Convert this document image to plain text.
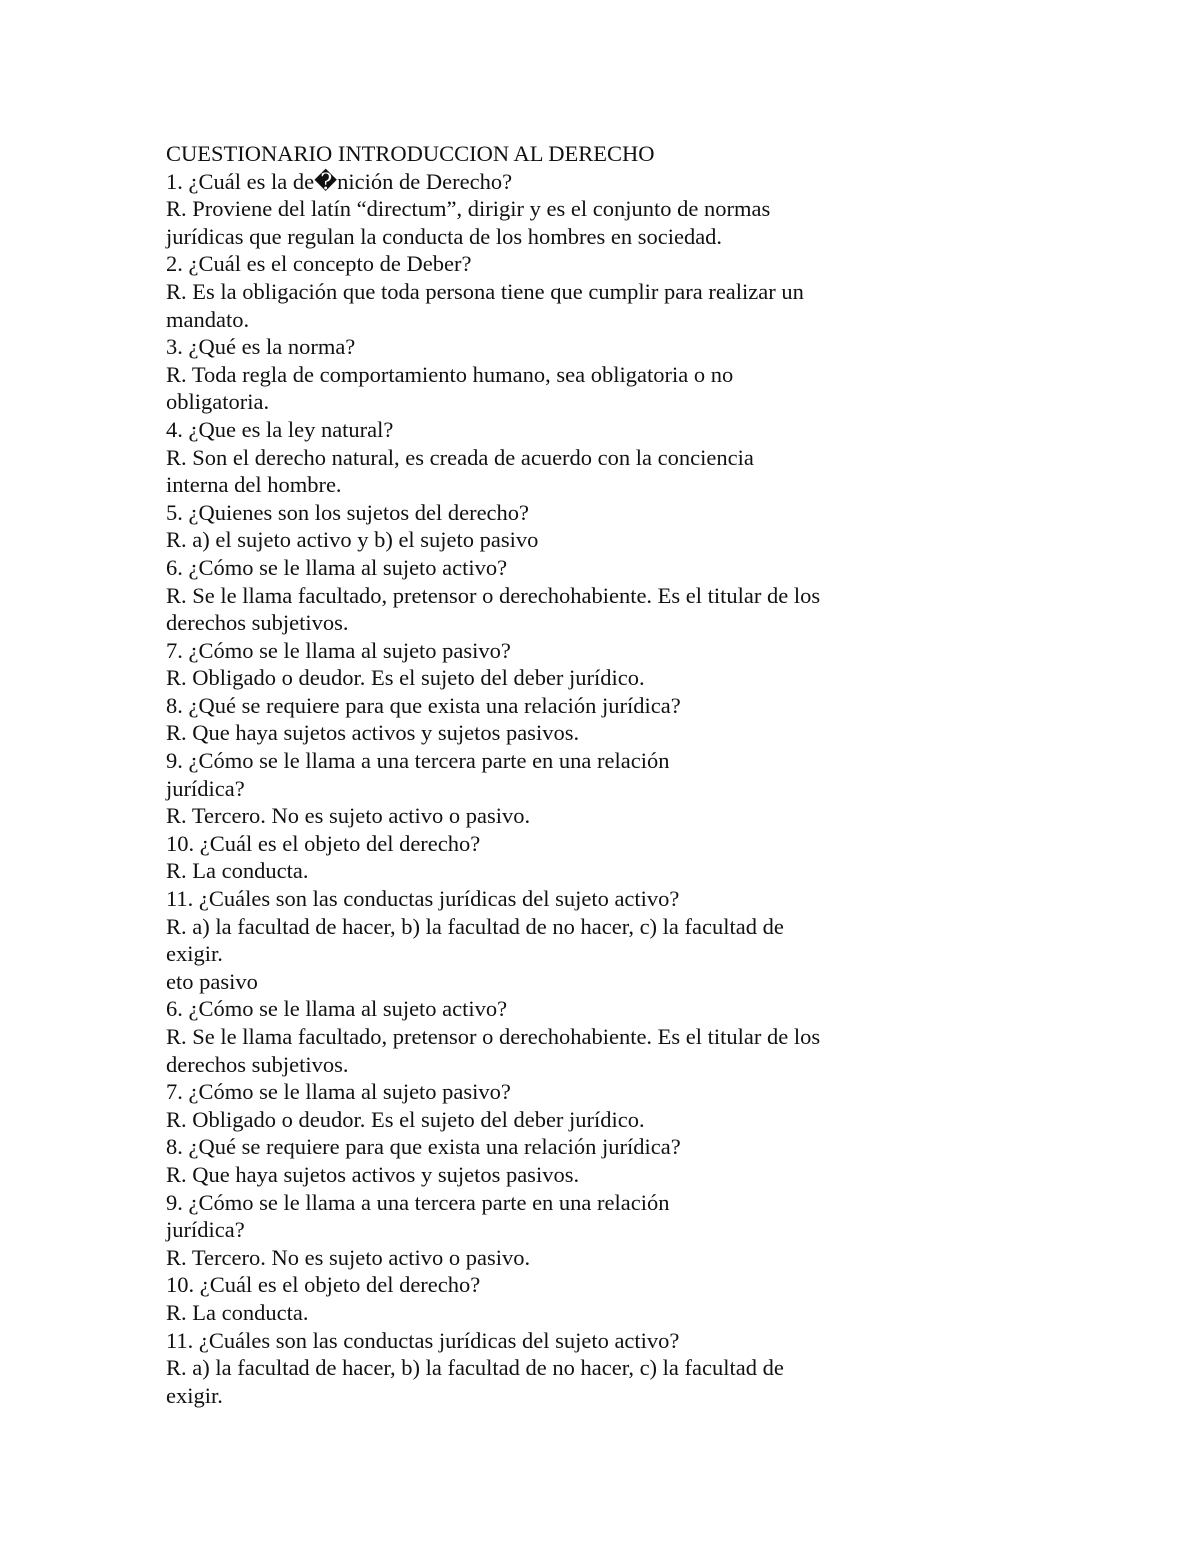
CUESTIONARIO INTRODUCCION AL DERECHO
1. ¿Cuál es la de�nición de Derecho?
R. Proviene del latín “directum”, dirigir y es el conjunto de normas
jurídicas que regulan la conducta de los hombres en sociedad.
2. ¿Cuál es el concepto de Deber?
R. Es la obligación que toda persona tiene que cumplir para realizar un
mandato.
3. ¿Qué es la norma?
R. Toda regla de comportamiento humano, sea obligatoria o no
obligatoria.
4. ¿Que es la ley natural?
R. Son el derecho natural, es creada de acuerdo con la conciencia
interna del hombre.
5. ¿Quienes son los sujetos del derecho?
R. a) el sujeto activo y b) el sujeto pasivo
6. ¿Cómo se le llama al sujeto activo?
R. Se le llama facultado, pretensor o derechohabiente. Es el titular de los
derechos subjetivos.
7. ¿Cómo se le llama al sujeto pasivo?
R. Obligado o deudor. Es el sujeto del deber jurídico.
8. ¿Qué se requiere para que exista una relación jurídica?
R. Que haya sujetos activos y sujetos pasivos.
9. ¿Cómo se le llama a una tercera parte en una relación
jurídica?
R. Tercero. No es sujeto activo o pasivo.
10. ¿Cuál es el objeto del derecho?
R. La conducta.
11. ¿Cuáles son las conductas jurídicas del sujeto activo?
R. a) la facultad de hacer, b) la facultad de no hacer, c) la facultad de
exigir.
eto pasivo
6. ¿Cómo se le llama al sujeto activo?
R. Se le llama facultado, pretensor o derechohabiente. Es el titular de los
derechos subjetivos.
7. ¿Cómo se le llama al sujeto pasivo?
R. Obligado o deudor. Es el sujeto del deber jurídico.
8. ¿Qué se requiere para que exista una relación jurídica?
R. Que haya sujetos activos y sujetos pasivos.
9. ¿Cómo se le llama a una tercera parte en una relación
jurídica?
R. Tercero. No es sujeto activo o pasivo.
10. ¿Cuál es el objeto del derecho?
R. La conducta.
11. ¿Cuáles son las conductas jurídicas del sujeto activo?
R. a) la facultad de hacer, b) la facultad de no hacer, c) la facultad de
exigir.
